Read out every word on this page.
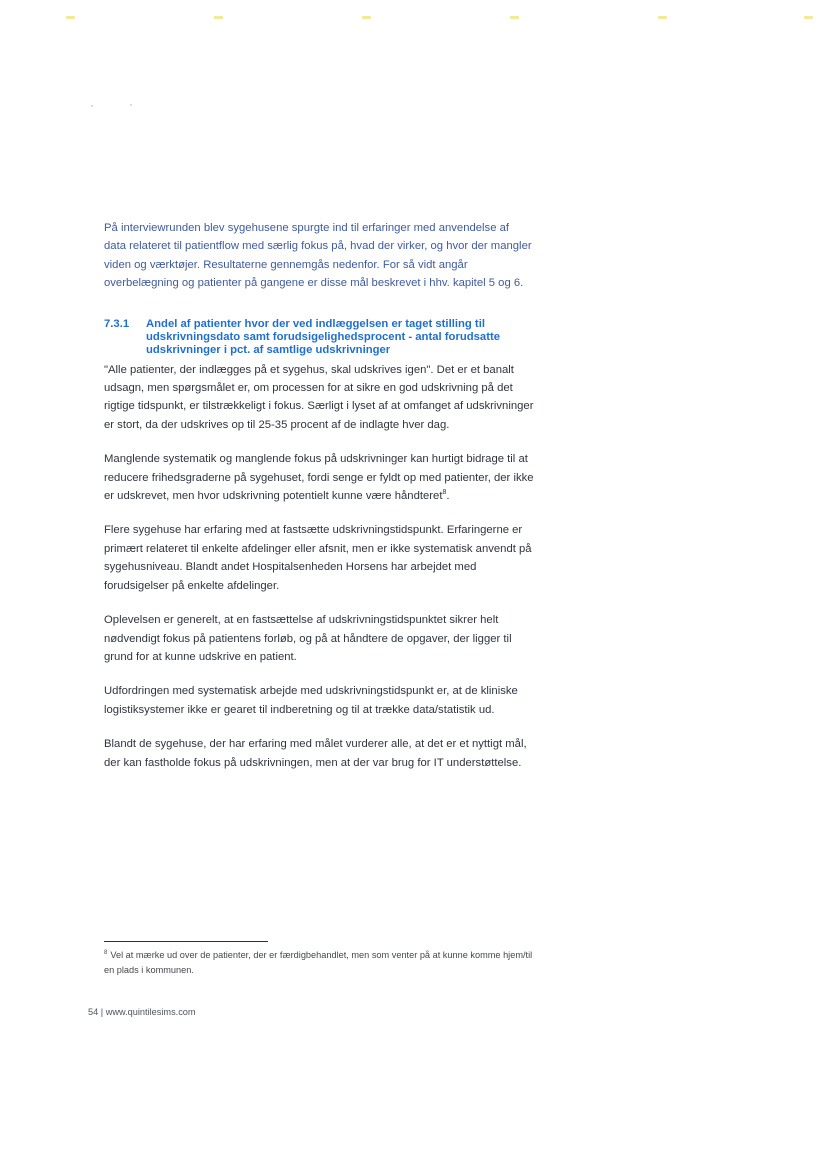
På interviewrunden blev sygehusene spurgte ind til erfaringer med anvendelse af data relateret til patientflow med særlig fokus på, hvad der virker, og hvor der mangler viden og værktøjer. Resultaterne gennemgås nedenfor. For så vidt angår overbelægning og patienter på gangene er disse mål beskrevet i hhv. kapitel 5 og 6.

7.3.1	Andel af patienter hvor der ved indlæggelsen er taget stilling til udskrivningsdato samt forudsigelighedsprocent - antal forudsatte udskrivninger i pct. af samtlige udskrivninger

"Alle patienter, der indlægges på et sygehus, skal udskrives igen". Det er et banalt udsagn, men spørgsmålet er, om processen for at sikre en god udskrivning på det rigtige tidspunkt, er tilstrækkeligt i fokus. Særligt i lyset af at omfanget af udskrivninger er stort, da der udskrives op til 25-35 procent af de indlagte hver dag.

Manglende systematik og manglende fokus på udskrivninger kan hurtigt bidrage til at reducere frihedsgraderne på sygehuset, fordi senge er fyldt op med patienter, der ikke er udskrevet, men hvor udskrivning potentielt kunne være håndteret$^8$.

Flere sygehuse har erfaring med at fastsætte udskrivningstidspunkt. Erfaringerne er primært relateret til enkelte afdelinger eller afsnit, men er ikke systematisk anvendt på sygehusniveau. Blandt andet Hospitalsenheden Horsens har arbejdet med forudsigelser på enkelte afdelinger.

Oplevelsen er generelt, at en fastsættelse af udskrivningstidspunktet sikrer helt nødvendigt fokus på patientens forløb, og på at håndtere de opgaver, der ligger til grund for at kunne udskrive en patient.

Udfordringen med systematisk arbejde med udskrivningstidspunkt er, at de kliniske logistiksystemer ikke er gearet til indberetning og til at trække data/statistik ud.

Blandt de sygehuse, der har erfaring med målet vurderer alle, at det er et nyttigt mål, der kan fastholde fokus på udskrivningen, men at der var brug for IT understøttelse.

$^8$ Vel at mærke ud over de patienter, der er færdigbehandlet, men som venter på at kunne komme hjem/til en plads i kommunen.
54 | www.quintilesims.com
